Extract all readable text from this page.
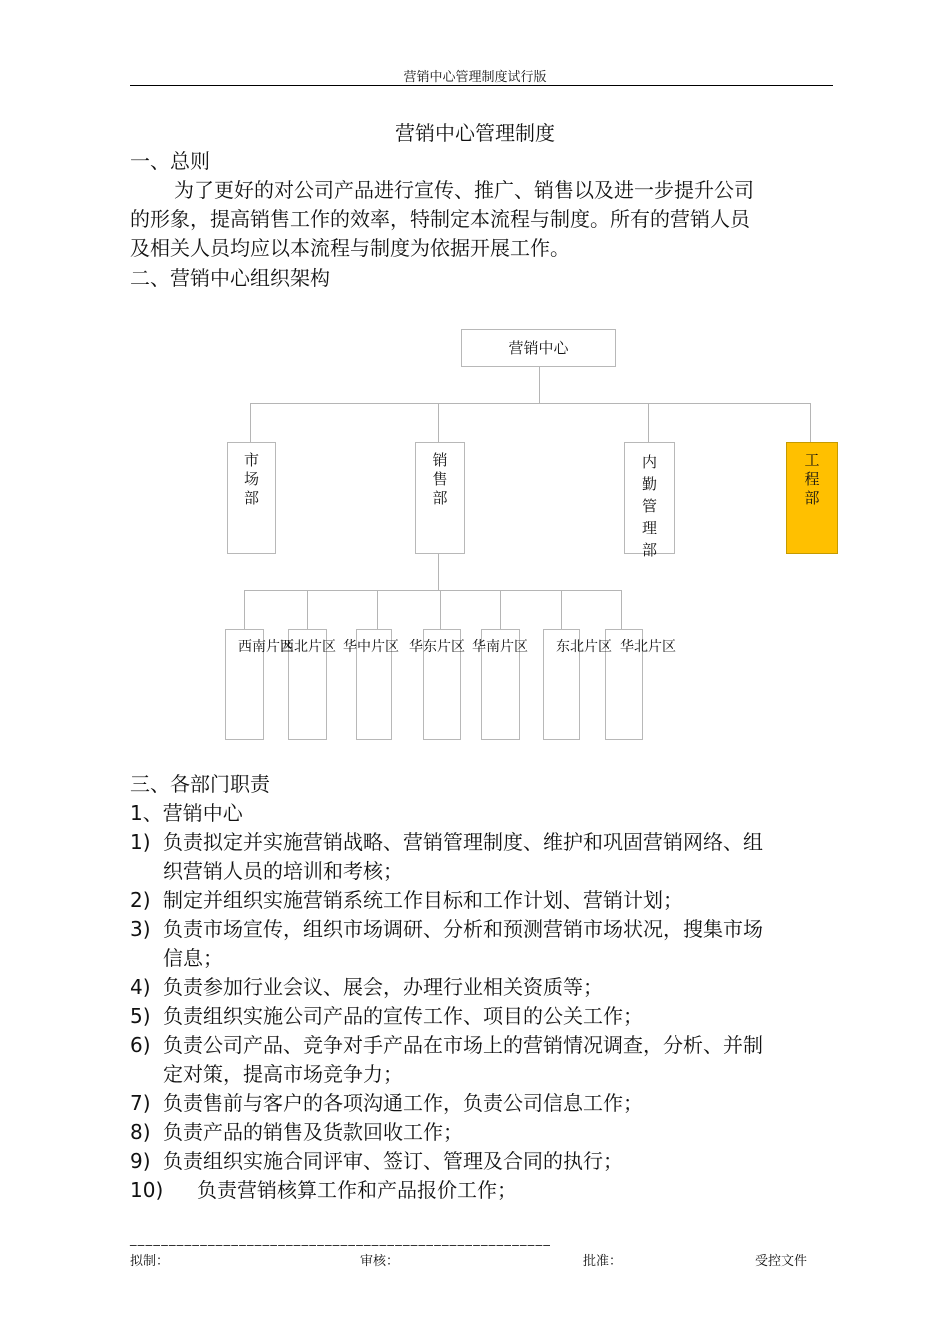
营销中心管理制度试行版
营销中心管理制度
一、总则

为了更好的对公司产品进行宣传、推广、销售以及进一步提升公司

的形象，提高销售工作的效率，特制定本流程与制度。所有的营销人员

及相关人员均应以本流程与制度为依据开展工作。

二、营销中心组织架构
营销中心
市
场
部
销
售
部
内
勤
管
理
部
工
程
部
西南片区
西北片区 华中片区 华东片区 华南片区 东北片区 华北片区
三、各部门职责
1、营销中心
1) 负责拟定并实施营销战略、营销管理制度、维护和巩固营销网络、组
织营销人员的培训和考核；
2) 制定并组织实施营销系统工作目标和工作计划、营销计划；
3) 负责市场宣传，组织市场调研、分析和预测营销市场状况，搜集市场
信息；
4) 负责参加行业会议、展会，办理行业相关资质等；
5) 负责组织实施公司产品的宣传工作、项目的公关工作；
6) 负责公司产品、竞争对手产品在市场上的营销情况调查，分析、并制
定对策，提高市场竞争力；
7) 负责售前与客户的各项沟通工作，负责公司信息工作；
8) 负责产品的销售及货款回收工作；
9) 负责组织实施合同评审、签订、管理及合同的执行；
10)	负责营销核算工作和产品报价工作；
______________________________________________________
拟制：	审核：	批准：	受控文件
